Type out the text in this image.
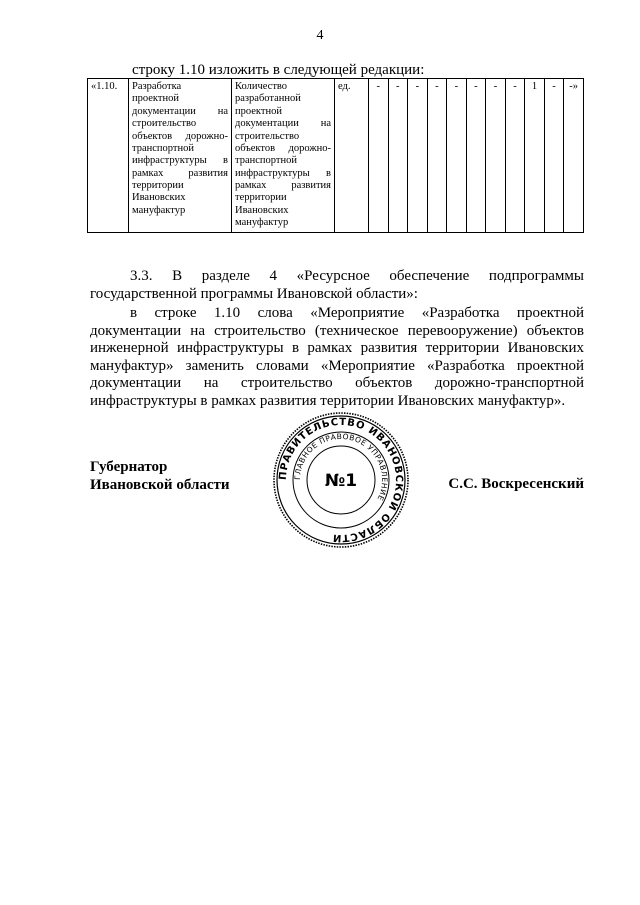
4
строку 1.10 изложить в следующей редакции:
«1.10.	Разработка проектной документации на строительство объектов дорожно-транспортной инфраструктуры в рамках развития территории Ивановских мануфактур	Количество разработанной проектной документации на строительство объектов дорожно-транспортной инфраструктуры в рамках развития территории Ивановских мануфактур	ед.	-	-	-	-	-	-	-	-	1	-	-»
3.3. В разделе 4 «Ресурсное обеспечение подпрограммы
государственной программы Ивановской области»:
в строке 1.10 слова «Мероприятие «Разработка проектной
документации на строительство (техническое перевооружение) объектов
инженерной инфраструктуры в рамках развития территории Ивановских
мануфактур» заменить словами «Мероприятие «Разработка проектной
документации на строительство объектов дорожно-транспортной
инфраструктуры в рамках развития территории Ивановских мануфактур».
Губернатор
Ивановской области	С.С. Воскресенский
ПРАВИТЕЛЬСТВО ИВАНОВСКОЙ ОБЛАСТИ
ГЛАВНОЕ ПРАВОВОЕ УПРАВЛЕНИЕ
№1
